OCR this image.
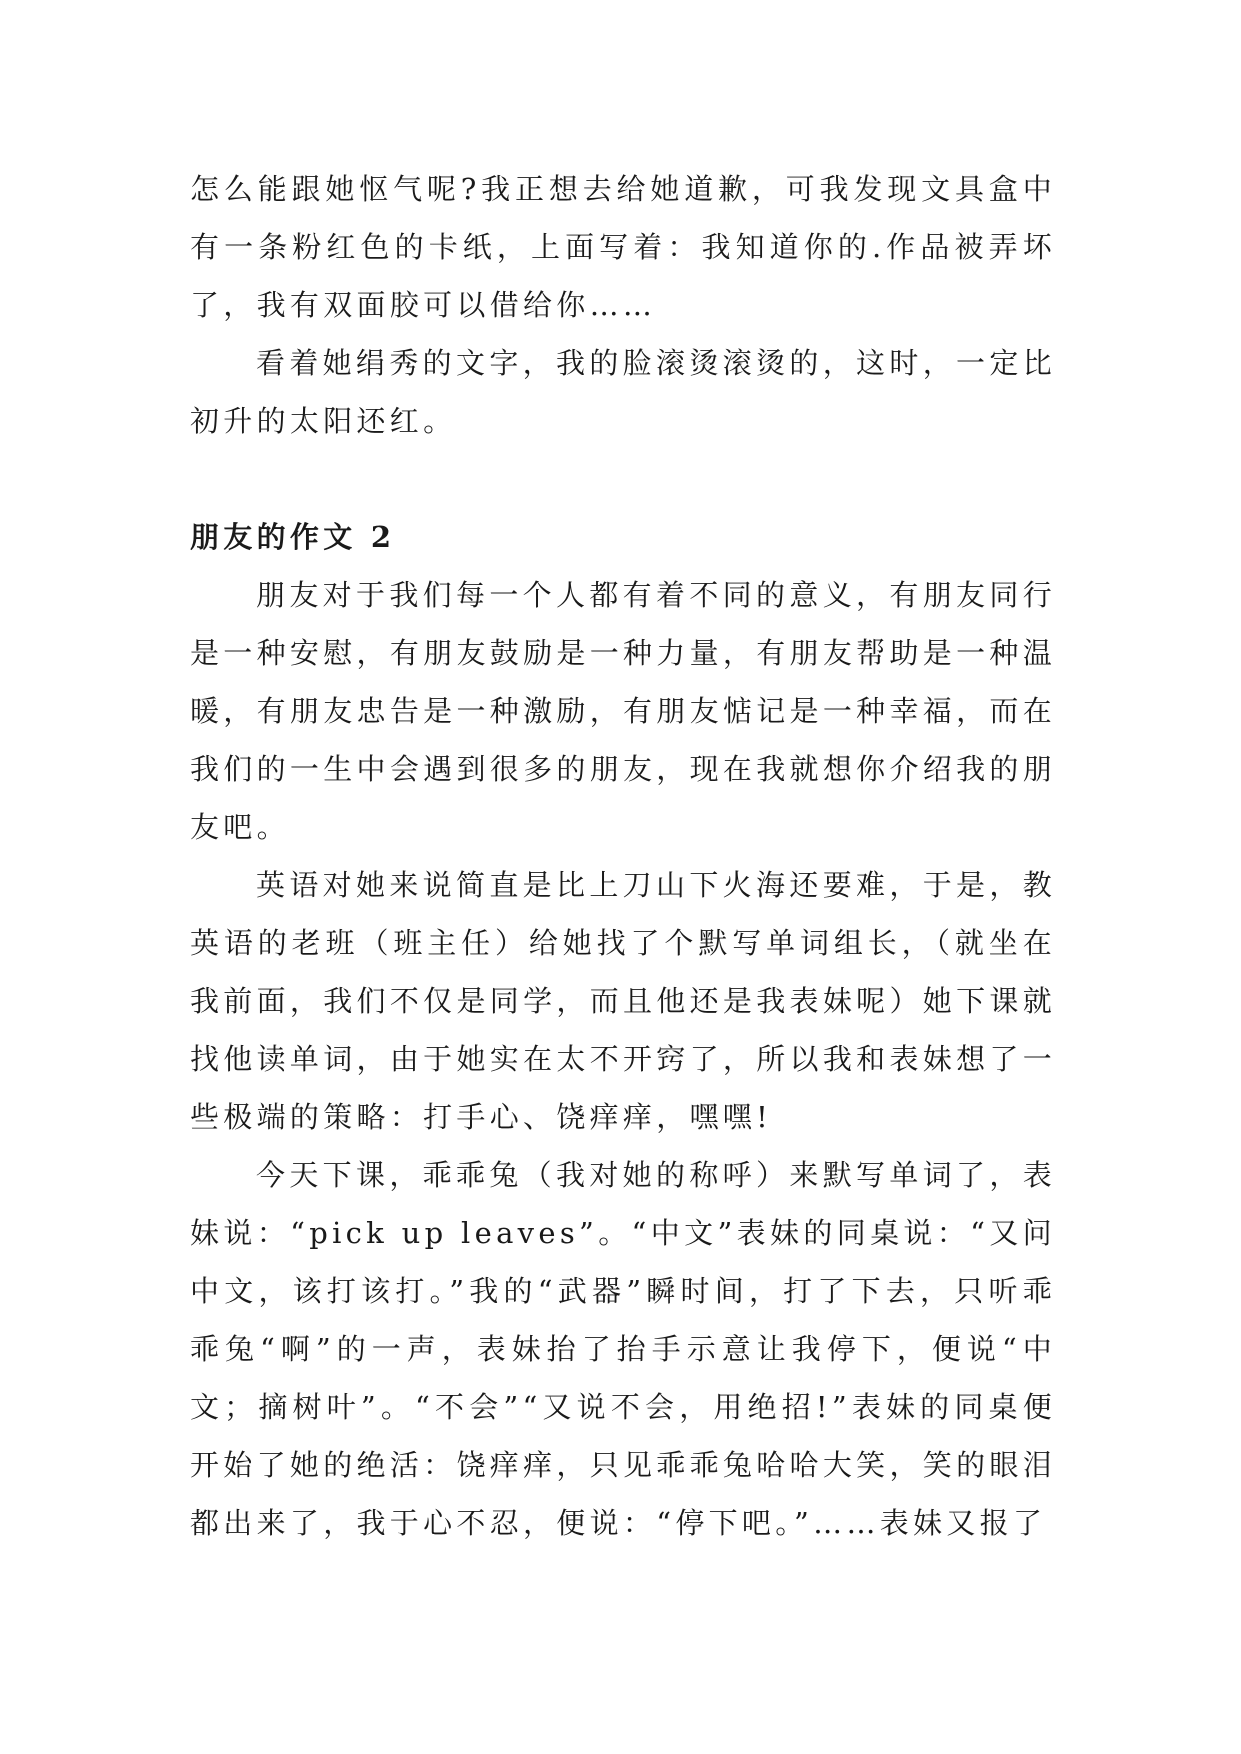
怎么能跟她怄气呢?我正想去给她道歉，可我发现文具盒中有一条粉红色的卡纸，上面写着：我知道你的.作品被弄坏了，我有双面胶可以借给你……

看着她绢秀的文字，我的脸滚烫滚烫的，这时，一定比初升的太阳还红。

朋友的作文 2

朋友对于我们每一个人都有着不同的意义，有朋友同行是一种安慰，有朋友鼓励是一种力量，有朋友帮助是一种温暖，有朋友忠告是一种激励，有朋友惦记是一种幸福，而在我们的一生中会遇到很多的朋友，现在我就想你介绍我的朋友吧。

英语对她来说简直是比上刀山下火海还要难，于是，教英语的老班（班主任）给她找了个默写单词组长，（就坐在我前面，我们不仅是同学，而且他还是我表妹呢）她下课就找他读单词，由于她实在太不开窍了，所以我和表妹想了一些极端的策略：打手心、饶痒痒，嘿嘿!

今天下课，乖乖兔（我对她的称呼）来默写单词了，表妹说：“pick up leaves”。“中文”表妹的同桌说：“又问中文，该打该打。”我的“武器”瞬时间，打了下去，只听乖乖兔“啊”的一声，表妹抬了抬手示意让我停下，便说“中文；摘树叶”。“不会”“又说不会，用绝招!”表妹的同桌便开始了她的绝活：饶痒痒，只见乖乖兔哈哈大笑，笑的眼泪都出来了，我于心不忍，便说：“停下吧。”……表妹又报了
